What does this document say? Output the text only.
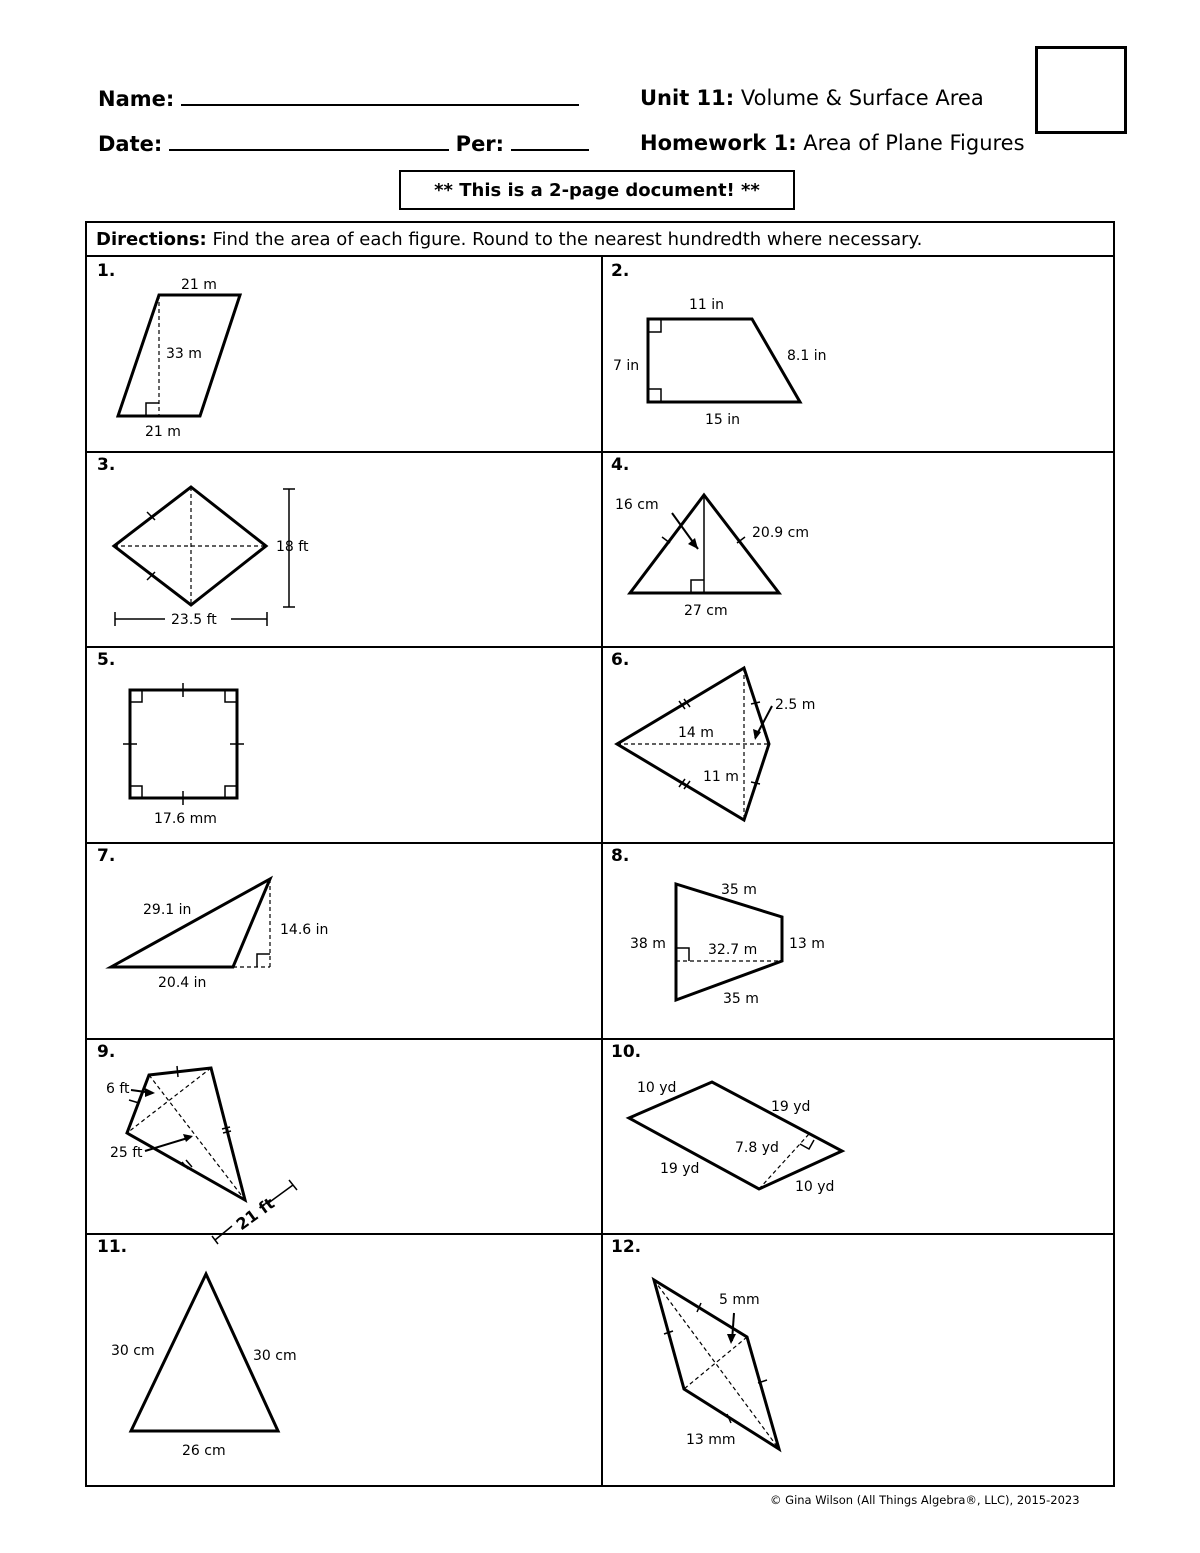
Name:
Date:	Per:
Unit 11: Volume & Surface Area
Homework 1: Area of Plane Figures
** This is a 2-page document! **
Directions: Find the area of each figure. Round to the nearest hundredth where necessary.
1.
21 m
33 m
21 m
2.
11 in
7 in
8.1 in
15 in
3.
18 ft
23.5 ft
4.
16 cm
20.9 cm
27 cm
5.
17.6 mm
6.
2.5 m
14 m
11 m
7.
29.1 in
14.6 in
20.4 in
8.
35 m
38 m	32.7 m 13 m
35 m
9.
6 ft
25 ft
21 ft
10.
10 yd
19 yd
7.8 yd
19 yd
10 yd
11.
30 cm	30 cm
26 cm
12.
5 mm
13 mm
© Gina Wilson (All Things Algebra®, LLC), 2015-2023
